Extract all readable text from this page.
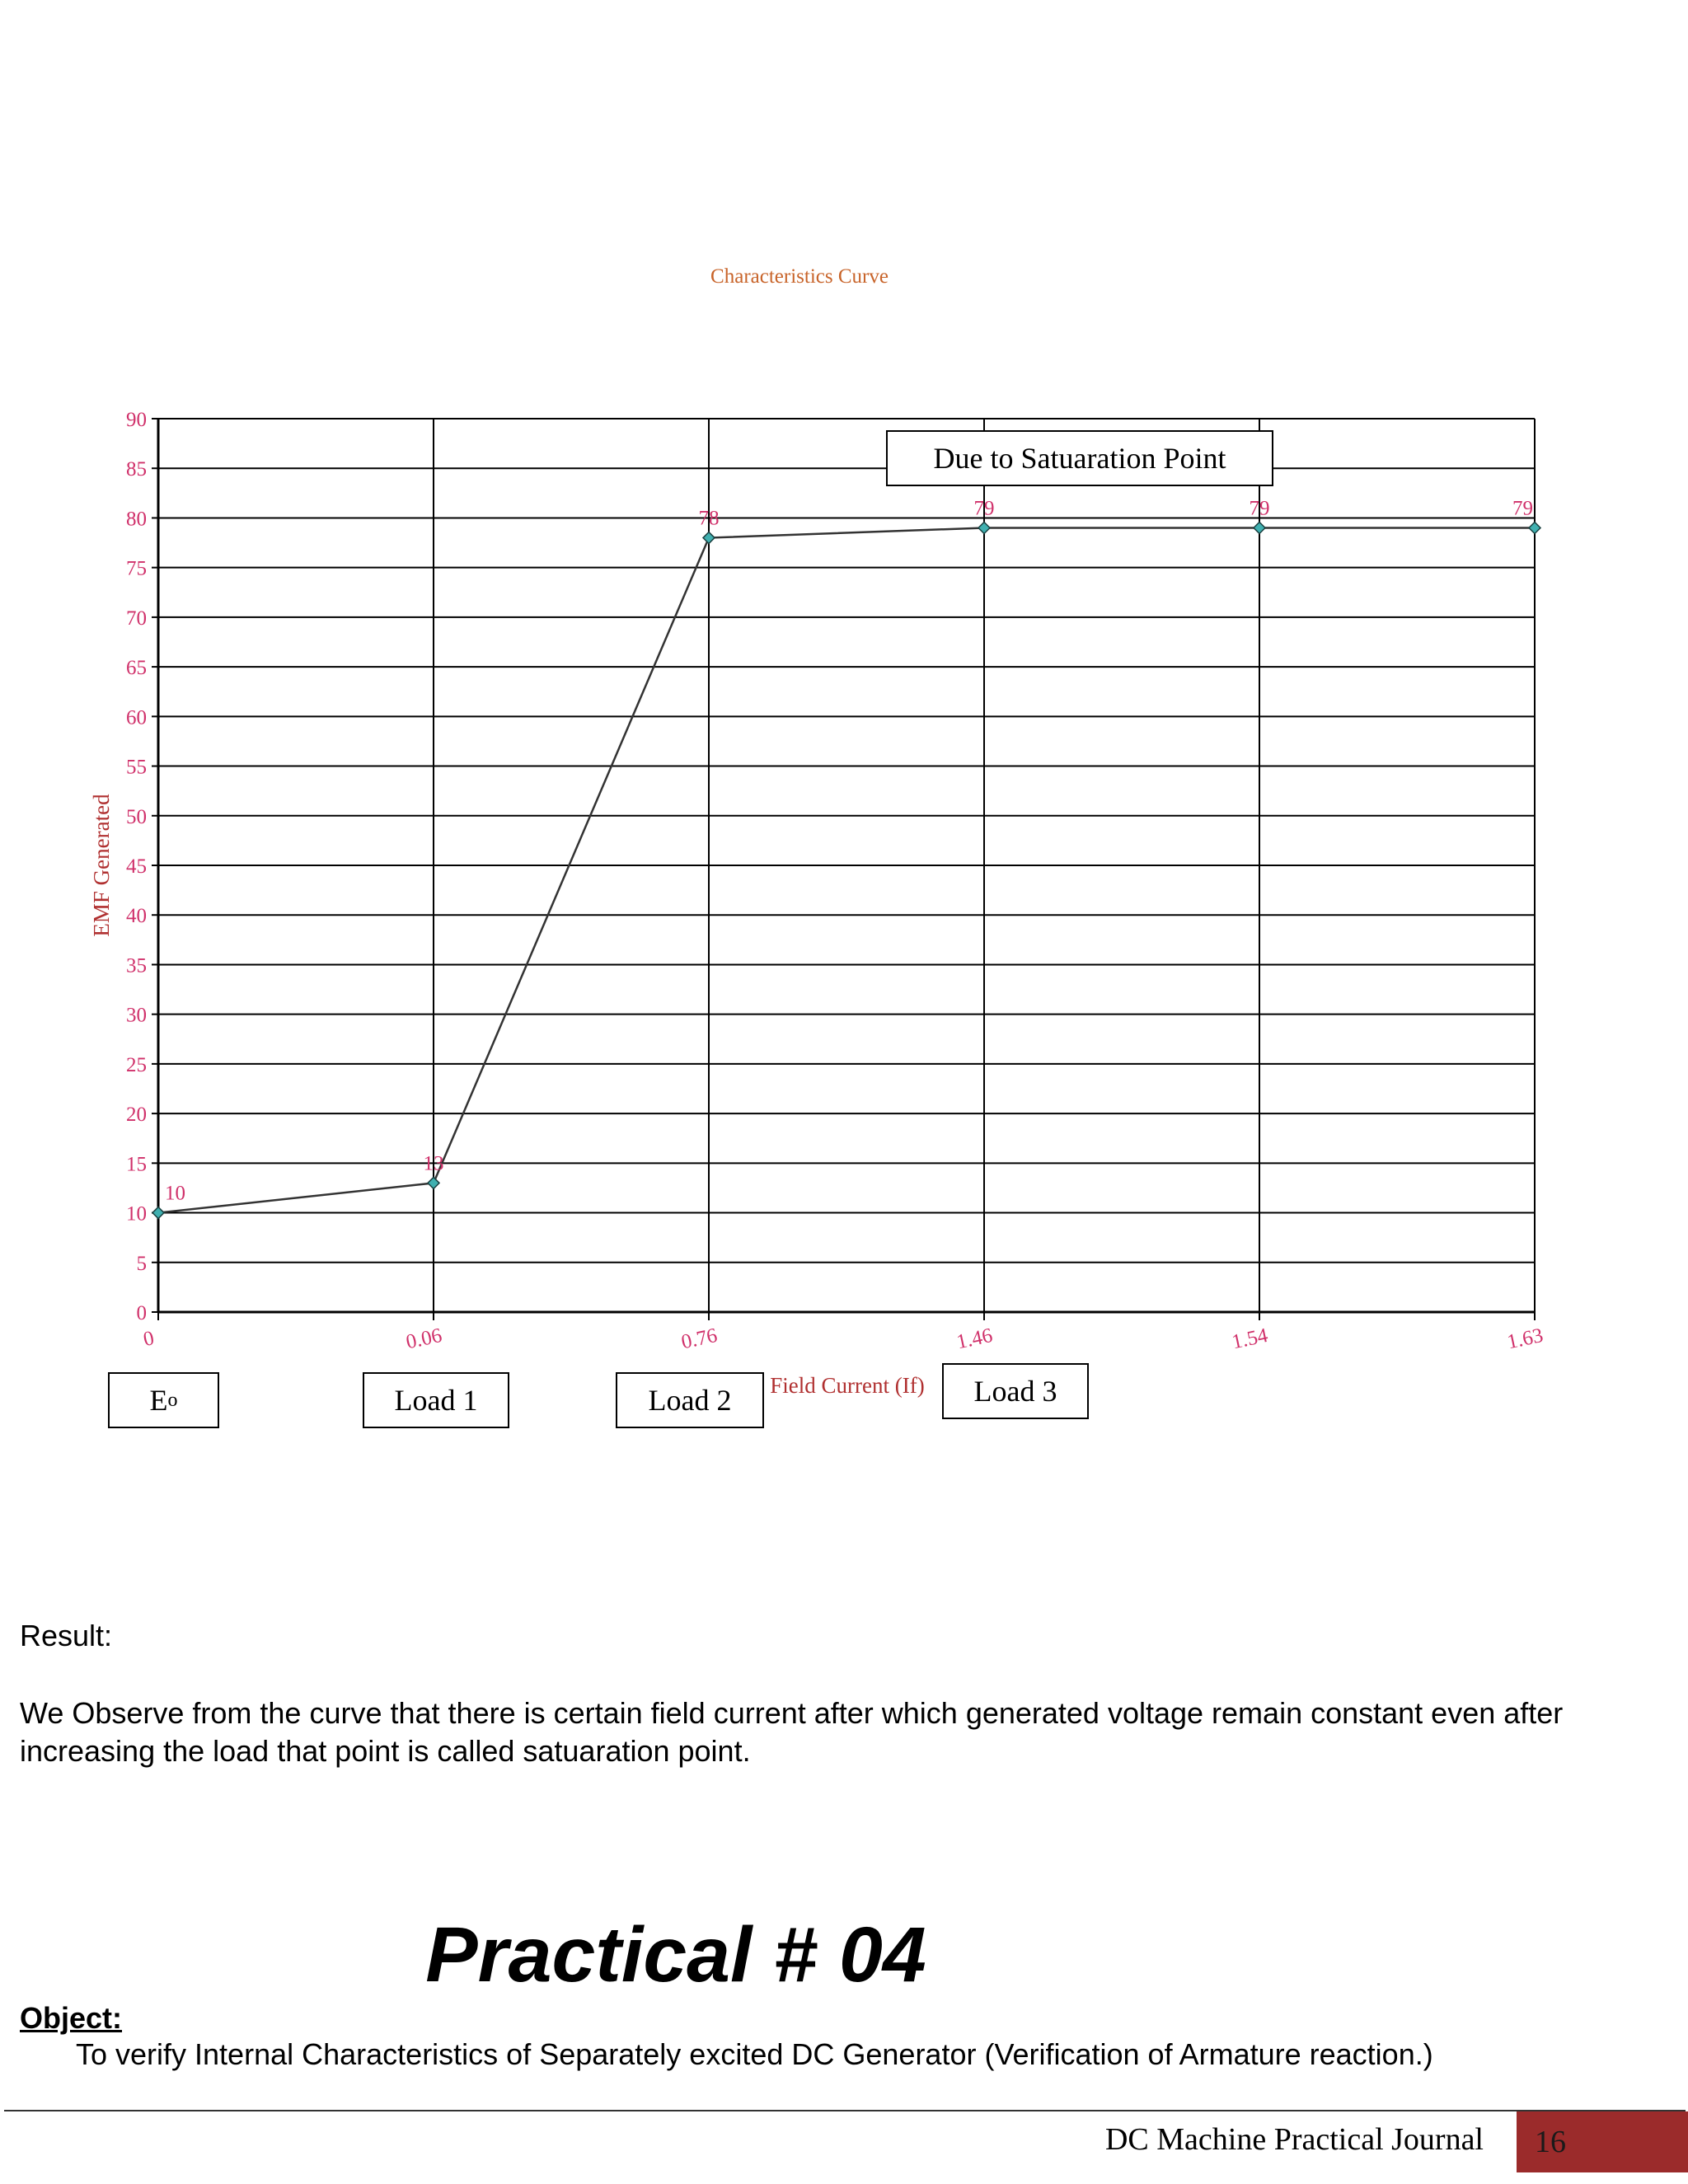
0
5
10
15
20
25
30
35
40
45
50
55
60
65
70
75
80
85
90
0	0.06	0.76	1.46	1.54	1.63
Field Current (If)
EMF Generated
10
13
78	79	79	79
Characteristics Curve
Due to Satuaration Point
E o	Load 1	Load 2	Load 3
Result:
We Observe from the curve that there is certain field current after which generated voltage remain constant even after increasing the load that point is called satuaration point.
Practical # 04
Object:
To verify Internal Characteristics of Separately excited DC Generator (Verification of Armature reaction.)
DC Machine Practical Journal 16
